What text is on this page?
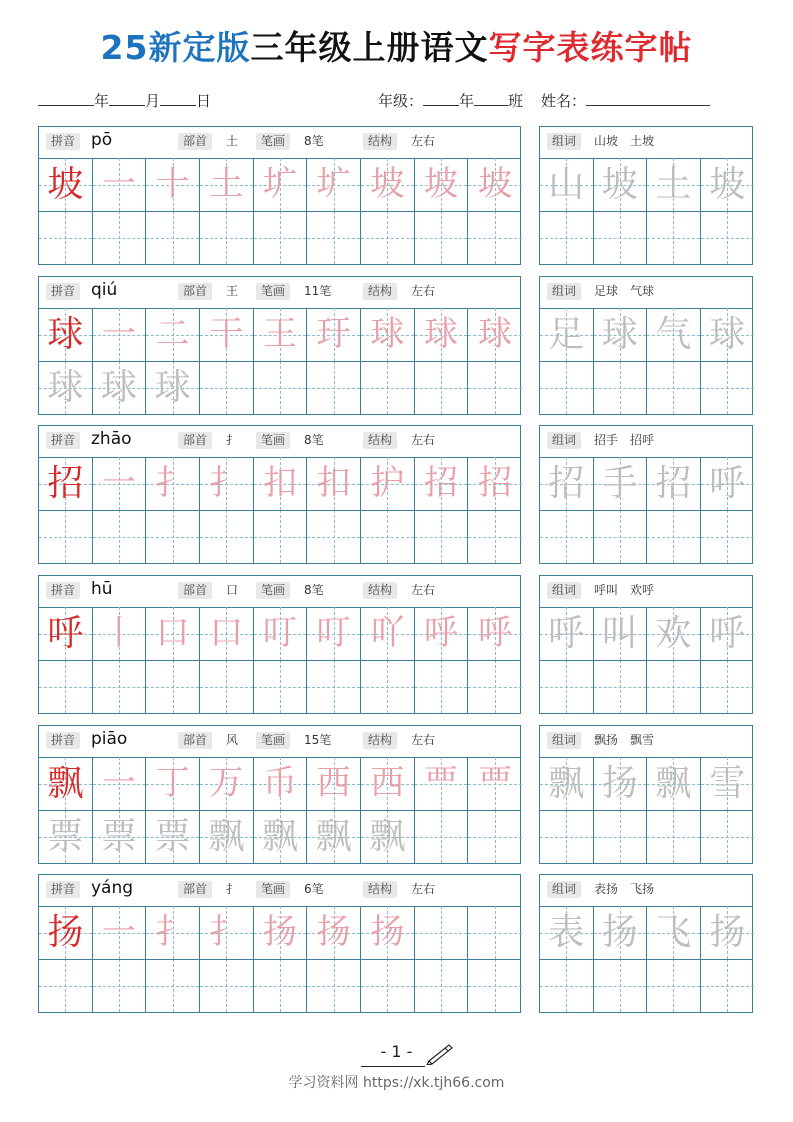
25新定版三年级上册语文写字表练字帖
年 月 日	年级： 年 班 姓名：
拼音 pō	部首	土	笔画	8笔	结构	左右
坡 一 十 土 圹 圹 坡 坡 坡
组词	山坡　土坡
山 坡 土 坡
拼音 qiú	部首	王	笔画	11笔	结构	左右
球 一 二 干 王 玗 球 球 球
球 球 球
组词	足球　气球
足 球 气 球
拼音 zhāo	部首	扌	笔画	8笔	结构	左右
招 一 扌 扌 扣 扣 护 招 招
组词	招手　招呼
招 手 招 呼
拼音 hū	部首	口	笔画	8笔	结构	左右
呼 丨 口 口 叮 叮 吖 呼 呼
组词	呼叫　欢呼
呼 叫 欢 呼
拼音 piāo	部首	风	笔画	15笔	结构	左右
飘 一 丁 万 币 西 西 覀 覀
票 票 票 飘 飘 飘 飘
组词	飘扬　飘雪
飘 扬 飘 雪
拼音 yáng	部首	扌	笔画	6笔	结构	左右
扬 一 扌 扌 扬 扬 扬
组词	表扬　飞扬
表 扬 飞 扬
- 1 -
学习资料网 https://xk.tjh66.com
